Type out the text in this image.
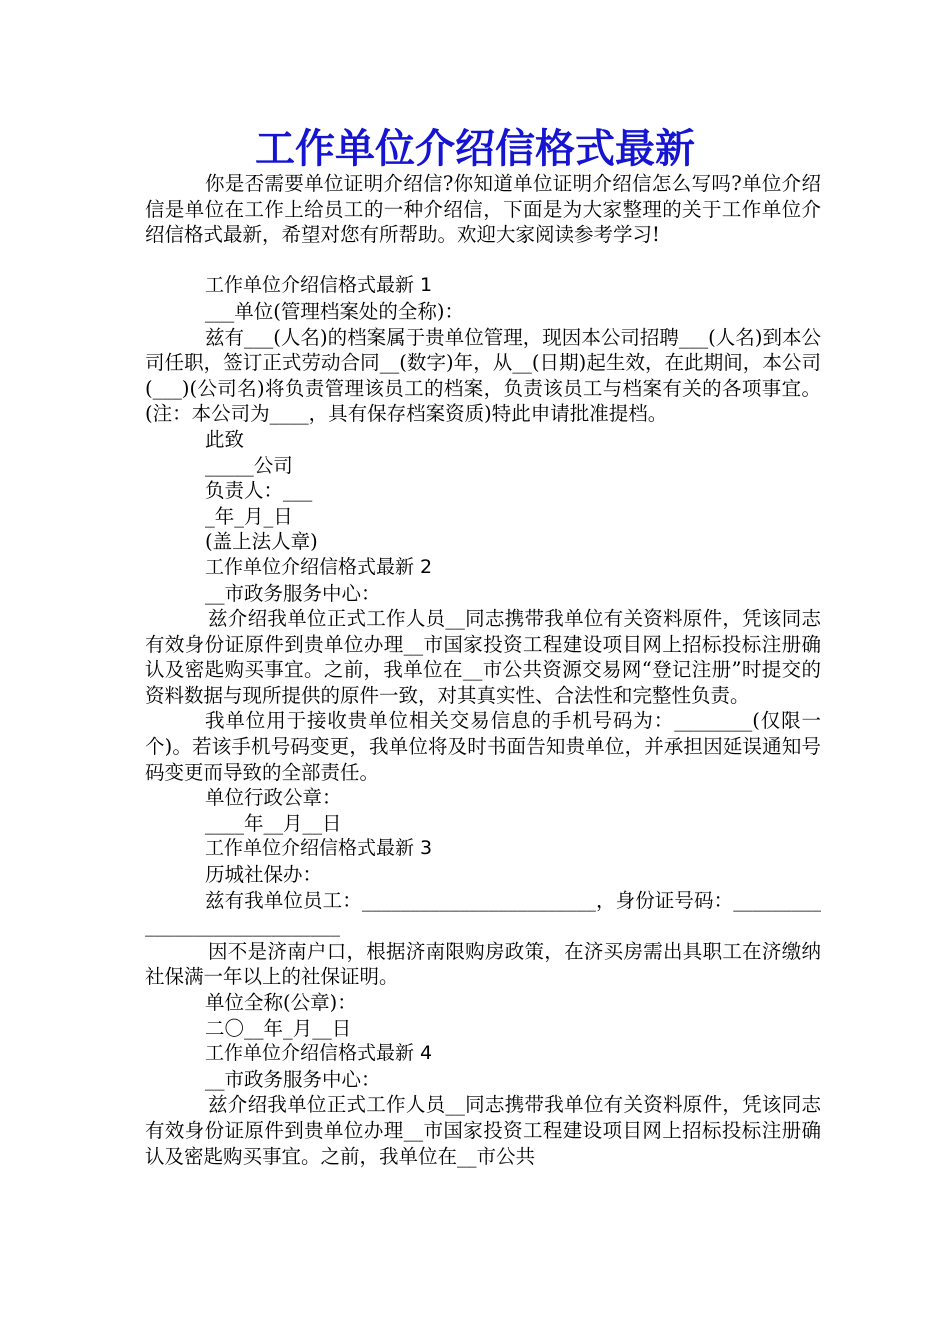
工作单位介绍信格式最新

你是否需要单位证明介绍信?你知道单位证明介绍信怎么写吗?单位介绍信是单位在工作上给员工的一种介绍信，下面是为大家整理的关于工作单位介绍信格式最新，希望对您有所帮助。欢迎大家阅读参考学习!

工作单位介绍信格式最新 1

___单位(管理档案处的全称)：

兹有___(人名)的档案属于贵单位管理，现因本公司招聘___(人名)到本公司任职，签订正式劳动合同__(数字)年，从__(日期)起生效，在此期间，本公司(___)(公司名)将负责管理该员工的档案，负责该员工与档案有关的各项事宜。(注：本公司为____，具有保存档案资质)特此申请批准提档。

此致

_____公司

负责人：___

_年_月_日

(盖上法人章)

工作单位介绍信格式最新 2

__市政务服务中心：

兹介绍我单位正式工作人员__同志携带我单位有关资料原件，凭该同志有效身份证原件到贵单位办理__市国家投资工程建设项目网上招标投标注册确认及密匙购买事宜。之前，我单位在__市公共资源交易网“登记注册”时提交的资料数据与现所提供的原件一致，对其真实性、合法性和完整性负责。

我单位用于接收贵单位相关交易信息的手机号码为：________(仅限一个)。若该手机号码变更，我单位将及时书面告知贵单位，并承担因延误通知号码变更而导致的全部责任。

单位行政公章：

____年__月__日

工作单位介绍信格式最新 3

历城社保办：

兹有我单位员工：________________________，身份证号码：_____________________________

因不是济南户口，根据济南限购房政策，在济买房需出具职工在济缴纳社保满一年以上的社保证明。

单位全称(公章)：

二〇__年_月__日

工作单位介绍信格式最新 4

__市政务服务中心：

兹介绍我单位正式工作人员__同志携带我单位有关资料原件，凭该同志有效身份证原件到贵单位办理__市国家投资工程建设项目网上招标投标注册确认及密匙购买事宜。之前，我单位在__市公共
